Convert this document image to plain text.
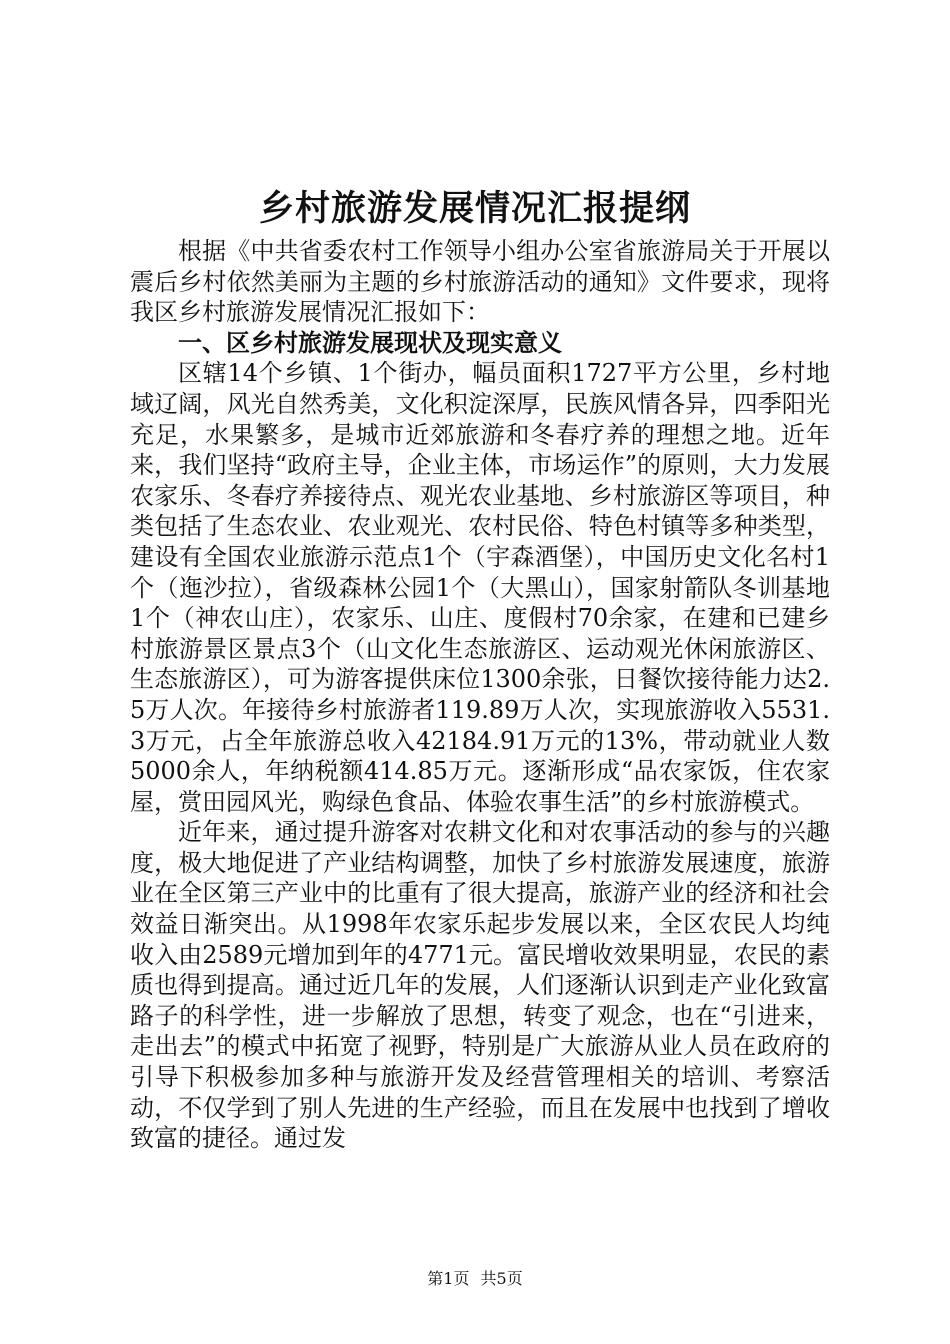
乡村旅游发展情况汇报提纲

根据《中共省委农村工作领导小组办公室省旅游局关于开展以震后乡村依然美丽为主题的乡村旅游活动的通知》文件要求，现将我区乡村旅游发展情况汇报如下：

一、区乡村旅游发展现状及现实意义

区辖14个乡镇、1个街办，幅员面积1727平方公里，乡村地域辽阔，风光自然秀美，文化积淀深厚，民族风情各异，四季阳光充足，水果繁多，是城市近郊旅游和冬春疗养的理想之地。近年来，我们坚持“政府主导，企业主体，市场运作”的原则，大力发展农家乐、冬春疗养接待点、观光农业基地、乡村旅游区等项目，种类包括了生态农业、农业观光、农村民俗、特色村镇等多种类型，建设有全国农业旅游示范点1个（宇森酒堡），中国历史文化名村1个（迤沙拉），省级森林公园1个（大黑山），国家射箭队冬训基地1个（神农山庄），农家乐、山庄、度假村70余家，在建和已建乡村旅游景区景点3个（山文化生态旅游区、运动观光休闲旅游区、生态旅游区），可为游客提供床位1300余张，日餐饮接待能力达2.5万人次。年接待乡村旅游者119.89万人次，实现旅游收入5531.3万元，占全年旅游总收入42184.91万元的13%，带动就业人数5000余人，年纳税额414.85万元。逐渐形成“品农家饭，住农家屋，赏田园风光，购绿色食品、体验农事生活”的乡村旅游模式。

近年来，通过提升游客对农耕文化和对农事活动的参与的兴趣度，极大地促进了产业结构调整，加快了乡村旅游发展速度，旅游业在全区第三产业中的比重有了很大提高，旅游产业的经济和社会效益日渐突出。从1998年农家乐起步发展以来，全区农民人均纯收入由2589元增加到年的4771元。富民增收效果明显，农民的素质也得到提高。通过近几年的发展，人们逐渐认识到走产业化致富路子的科学性，进一步解放了思想，转变了观念，也在“引进来，走出去”的模式中拓宽了视野，特别是广大旅游从业人员在政府的引导下积极参加多种与旅游开发及经营管理相关的培训、考察活动，不仅学到了别人先进的生产经验，而且在发展中也找到了增收致富的捷径。通过发

第1页 共5页
